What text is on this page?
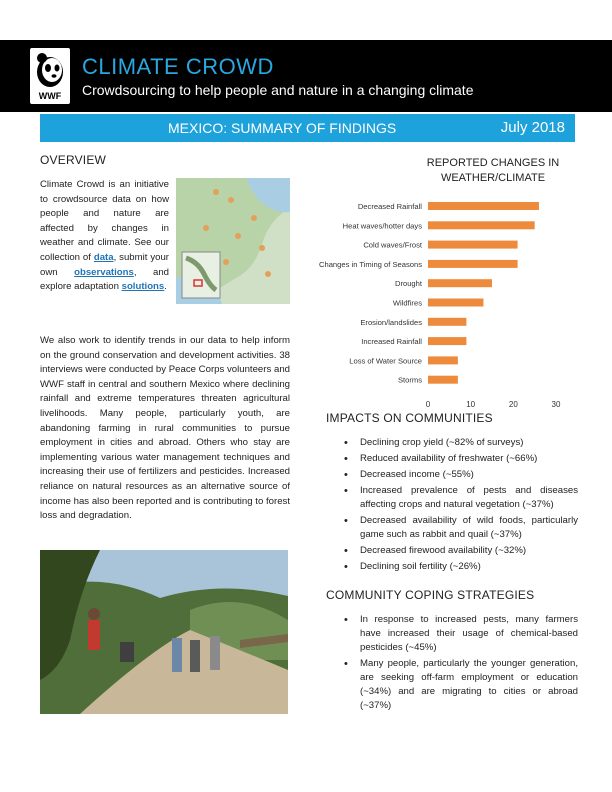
WWF
CLIMATE CROWD
Crowdsourcing to help people and nature in a changing climate
MEXICO: SUMMARY OF FINDINGS	July 2018
OVERVIEW
Climate Crowd is an initiative to crowdsource data on how people and nature are affected by changes in weather and climate. See our collection of data, submit your own observations, and explore adaptation solutions.
We also work to identify trends in our data to help inform on the ground conservation and development activities. 38 interviews were conducted by Peace Corps volunteers and WWF staff in central and southern Mexico where declining rainfall and extreme temperatures threaten agricultural livelihoods. Many people, particularly youth, are abandoning farming in rural communities to pursue employment in cities and abroad. Others who stay are implementing various water management techniques and increasing their use of fertilizers and pesticides. Increased reliance on natural resources as an alternative source of income has also been reported and is contributing to forest loss and degradation.
REPORTED CHANGES IN WEATHER/CLIMATE
Decreased Rainfall
Heat waves/hotter days
Cold waves/Frost
Changes in Timing of Seasons
Drought
Wildfires
Erosion/landslides
Increased Rainfall
Loss of Water Source
Storms
0	10	20	30
IMPACTS ON COMMUNITIES
• Declining crop yield (~82% of surveys)
• Reduced availability of freshwater (~66%)
• Decreased income (~55%)
• Increased prevalence of pests and diseases affecting crops and natural vegetation (~37%)
• Decreased availability of wild foods, particularly game such as rabbit and quail (~37%)
• Decreased firewood availability (~32%)
• Declining soil fertility (~26%)
COMMUNITY COPING STRATEGIES
• In response to increased pests, many farmers have increased their usage of chemical-based pesticides (~45%)
• Many people, particularly the younger generation, are seeking off-farm employment or education (~34%) and are migrating to cities or abroad (~37%)
